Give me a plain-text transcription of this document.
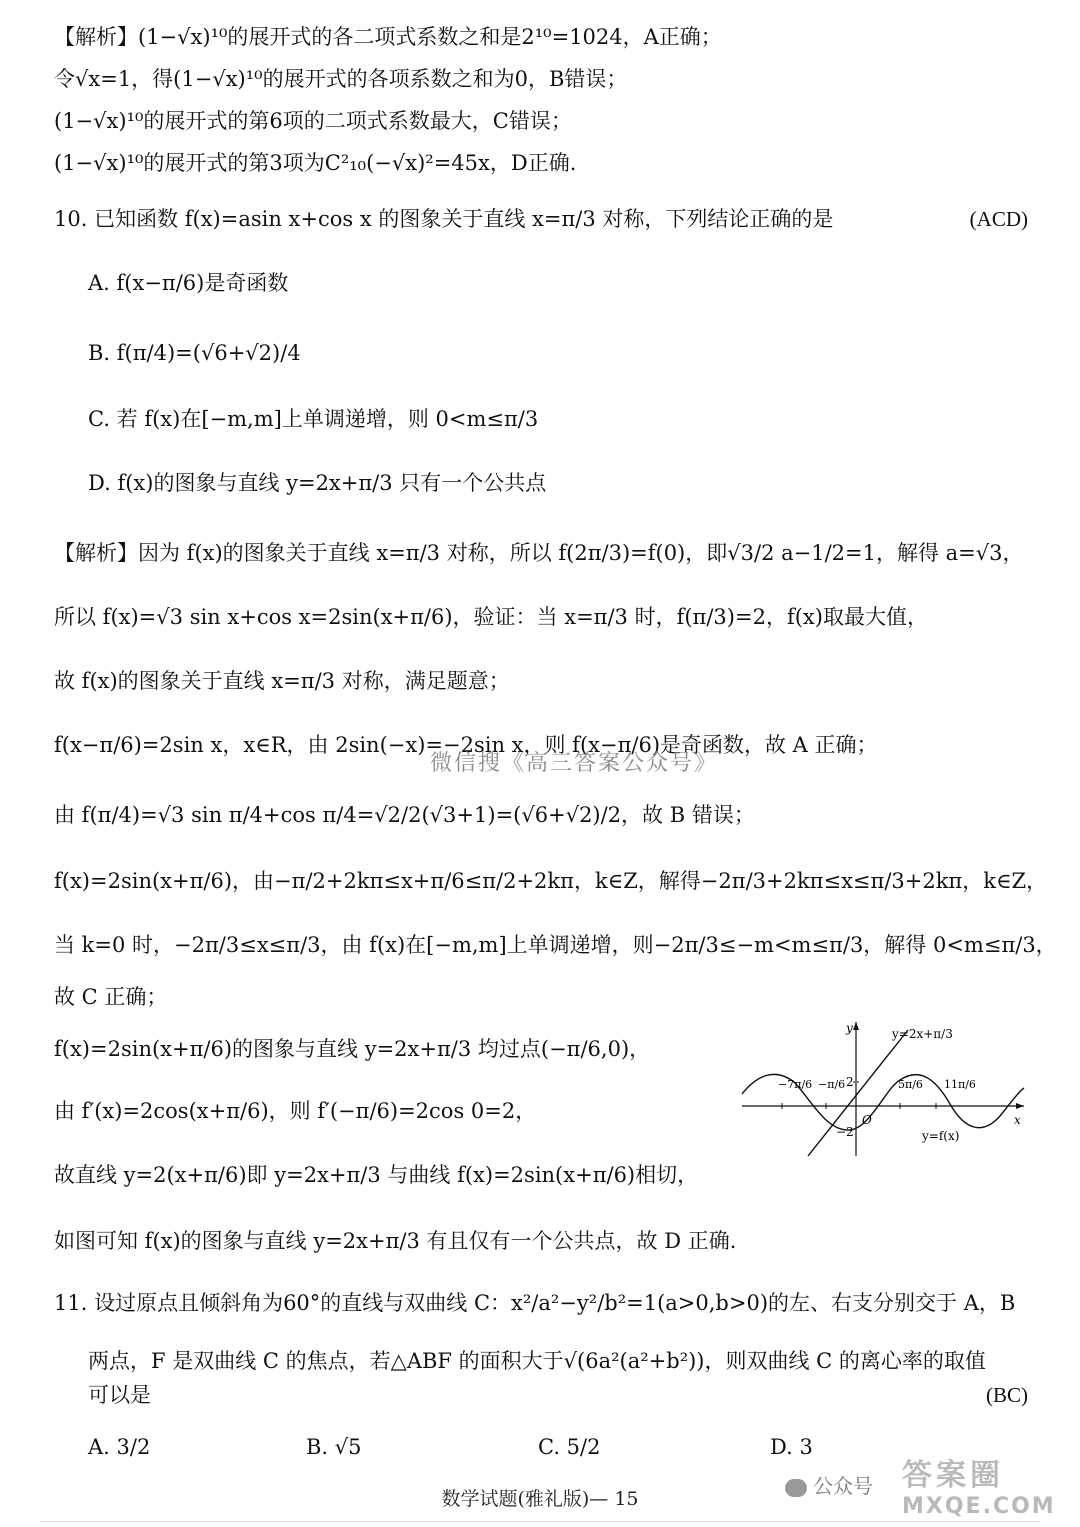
【解析】(1−√x)¹⁰的展开式的各二项式系数之和是2¹⁰=1024，A正确；
令√x=1，得(1−√x)¹⁰的展开式的各项系数之和为0，B错误；
(1−√x)¹⁰的展开式的第6项的二项式系数最大，C错误；
(1−√x)¹⁰的展开式的第3项为C²₁₀(−√x)²=45x，D正确.
10. 已知函数 f(x)=asin x+cos x 的图象关于直线 x=π/3 对称，下列结论正确的是	(ACD)
A. f(x−π/6)是奇函数
B. f(π/4)=(√6+√2)/4
C. 若 f(x)在[−m,m]上单调递增，则 0<m≤π/3
D. f(x)的图象与直线 y=2x+π/3 只有一个公共点
【解析】因为 f(x)的图象关于直线 x=π/3 对称，所以 f(2π/3)=f(0)，即√3/2 a−1/2=1，解得 a=√3，
所以 f(x)=√3 sin x+cos x=2sin(x+π/6)，验证：当 x=π/3 时，f(π/3)=2，f(x)取最大值，
故 f(x)的图象关于直线 x=π/3 对称，满足题意；
f(x−π/6)=2sin x，x∈R，由 2sin(−x)=−2sin x，则 f(x−π/6)是奇函数，故 A 正确；
微信搜《高三答案公众号》
由 f(π/4)=√3 sin π/4+cos π/4=√2/2(√3+1)=(√6+√2)/2，故 B 错误；
f(x)=2sin(x+π/6)，由−π/2+2kπ≤x+π/6≤π/2+2kπ，k∈Z，解得−2π/3+2kπ≤x≤π/3+2kπ，k∈Z，
当 k=0 时，−2π/3≤x≤π/3，由 f(x)在[−m,m]上单调递增，则−2π/3≤−m<m≤π/3，解得 0<m≤π/3，
故 C 正确；
f(x)=2sin(x+π/6)的图象与直线 y=2x+π/3 均过点(−π/6,0)，
由 f′(x)=2cos(x+π/6)，则 f′(−π/6)=2cos 0=2，
故直线 y=2(x+π/6)即 y=2x+π/3 与曲线 f(x)=2sin(x+π/6)相切，
如图可知 f(x)的图象与直线 y=2x+π/3 有且仅有一个公共点，故 D 正确.
y
x
O
y=2x+π/3
y=f(x)
2
−2
−7π/6 −π/6	5π/6 11π/6
11. 设过原点且倾斜角为60°的直线与双曲线 C：x²/a²−y²/b²=1(a>0,b>0)的左、右支分别交于 A，B
两点，F 是双曲线 C 的焦点，若△ABF 的面积大于√(6a²(a²+b²))，则双曲线 C 的离心率的取值
可以是	(BC)
A. 3/2	B. √5	C. 5/2	D. 3
数学试题(雅礼版)— 15
公众号 答案圈
MXQE.COM
